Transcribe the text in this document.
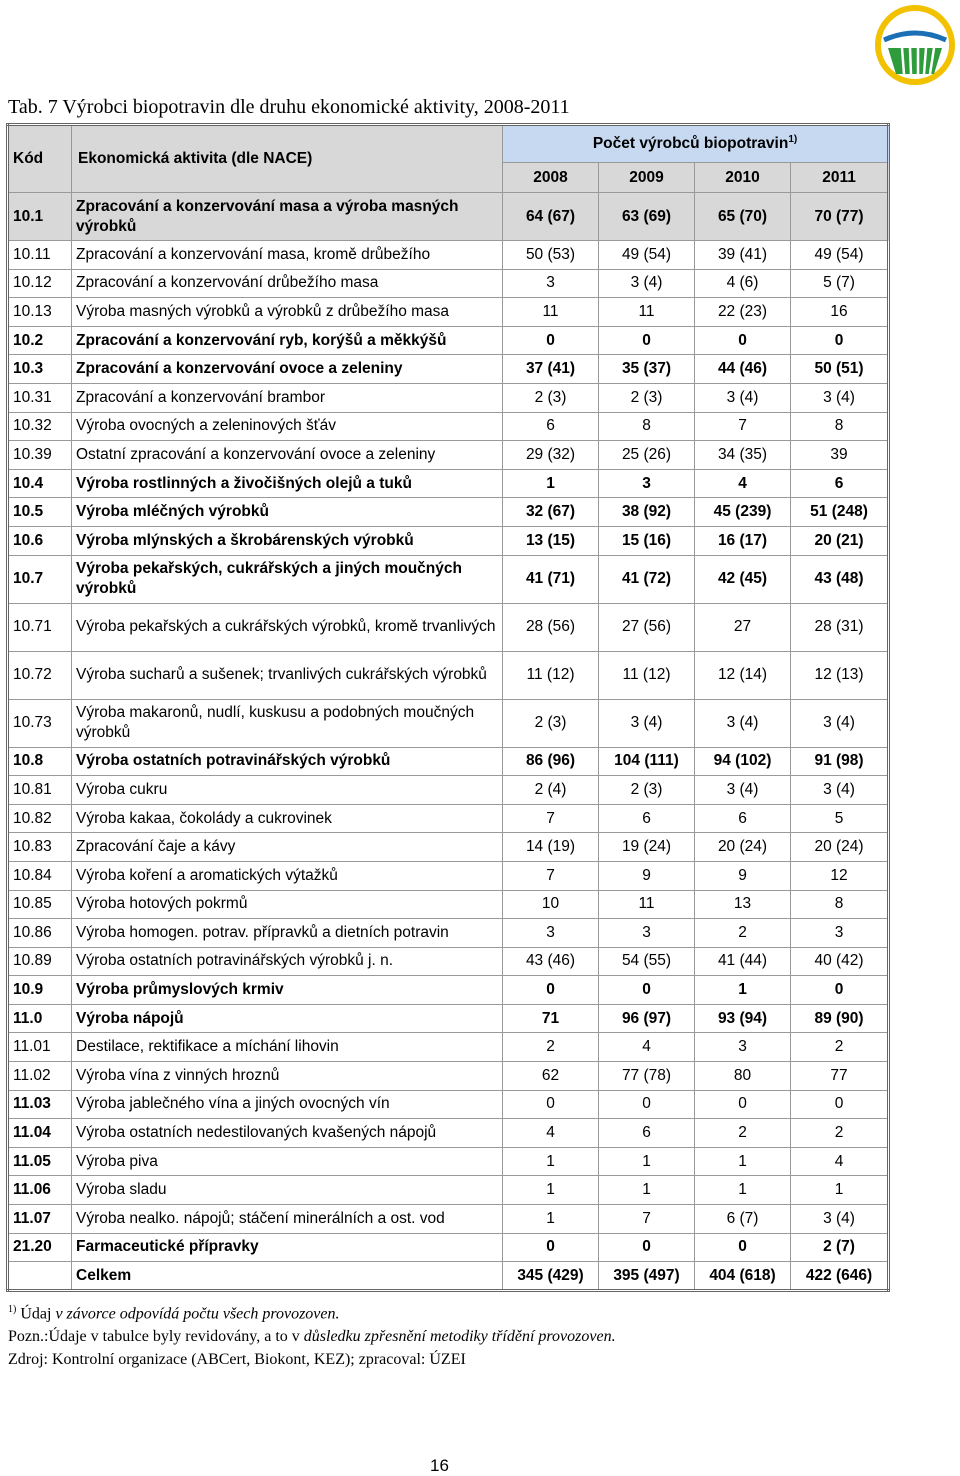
Tab. 7 Výrobci biopotravin dle druhu ekonomické aktivity, 2008-2011
Kód	Ekonomická aktivita (dle NACE)	Počet výrobců biopotravin$^{1)}$
		2008	2009	2010	2011
10.1	Zpracování a konzervování masa a výroba masných výrobků	64 (67)	63 (69)	65 (70)	70 (77)
10.11	Zpracování a konzervování masa, kromě drůbežího	50 (53)	49 (54)	39 (41)	49 (54)
10.12	Zpracování a konzervování drůbežího masa	3	3 (4)	4 (6)	5 (7)
10.13	Výroba masných výrobků a výrobků z drůbežího masa	11	11	22 (23)	16
10.2	Zpracování a konzervování ryb, korýšů a měkkýšů	0	0	0	0
10.3	Zpracování a konzervování ovoce a zeleniny	37 (41)	35 (37)	44 (46)	50 (51)
10.31	Zpracování a konzervování brambor	2 (3)	2 (3)	3 (4)	3 (4)
10.32	Výroba ovocných a zeleninových šťáv	6	8	7	8
10.39	Ostatní zpracování a konzervování ovoce a zeleniny	29 (32)	25 (26)	34 (35)	39
10.4	Výroba rostlinných a živočišných olejů a tuků	1	3	4	6
10.5	Výroba mléčných výrobků	32 (67)	38 (92)	45 (239)	51 (248)
10.6	Výroba mlýnských a škrobárenských výrobků	13 (15)	15 (16)	16 (17)	20 (21)
10.7	Výroba pekařských, cukrářských a jiných moučných výrobků	41 (71)	41 (72)	42 (45)	43 (48)
10.71	Výroba pekařských a cukrářských výrobků, kromě trvanlivých	28 (56)	27 (56)	27	28 (31)
10.72	Výroba sucharů a sušenek; trvanlivých cukrářských výrobků	11 (12)	11 (12)	12 (14)	12 (13)
10.73	Výroba makaronů, nudlí, kuskusu a podobných moučných výrobků	2 (3)	3 (4)	3 (4)	3 (4)
10.8	Výroba ostatních potravinářských výrobků	86 (96)	104 (111)	94 (102)	91 (98)
10.81	Výroba cukru	2 (4)	2 (3)	3 (4)	3 (4)
10.82	Výroba kakaa, čokolády a cukrovinek	7	6	6	5
10.83	Zpracování čaje a kávy	14 (19)	19 (24)	20 (24)	20 (24)
10.84	Výroba koření a aromatických výtažků	7	9	9	12
10.85	Výroba hotových pokrmů	10	11	13	8
10.86	Výroba homogen. potrav. přípravků a dietních potravin	3	3	2	3
10.89	Výroba ostatních potravinářských výrobků j. n.	43 (46)	54 (55)	41 (44)	40 (42)
10.9	Výroba průmyslových krmiv	0	0	1	0
11.0	Výroba nápojů	71	96 (97)	93 (94)	89 (90)
11.01	Destilace, rektifikace a míchání lihovin	2	4	3	2
11.02	Výroba vína z vinných hroznů	62	77 (78)	80	77
11.03	Výroba jablečného vína a jiných ovocných vín	0	0	0	0
11.04	Výroba ostatních nedestilovaných kvašených nápojů	4	6	2	2
11.05	Výroba piva	1	1	1	4
11.06	Výroba sladu	1	1	1	1
11.07	Výroba nealko. nápojů; stáčení minerálních a ost. vod	1	7	6 (7)	3 (4)
21.20	Farmaceutické přípravky	0	0	0	2 (7)
	Celkem	345 (429)	395 (497)	404 (618)	422 (646)
$^{1)}$ Údaj v závorce odpovídá počtu všech provozoven.
Pozn.:Údaje v tabulce byly revidovány, a to v důsledku zpřesnění metodiky třídění provozoven.
Zdroj: Kontrolní organizace (ABCert, Biokont, KEZ); zpracoval: ÚZEI
16
